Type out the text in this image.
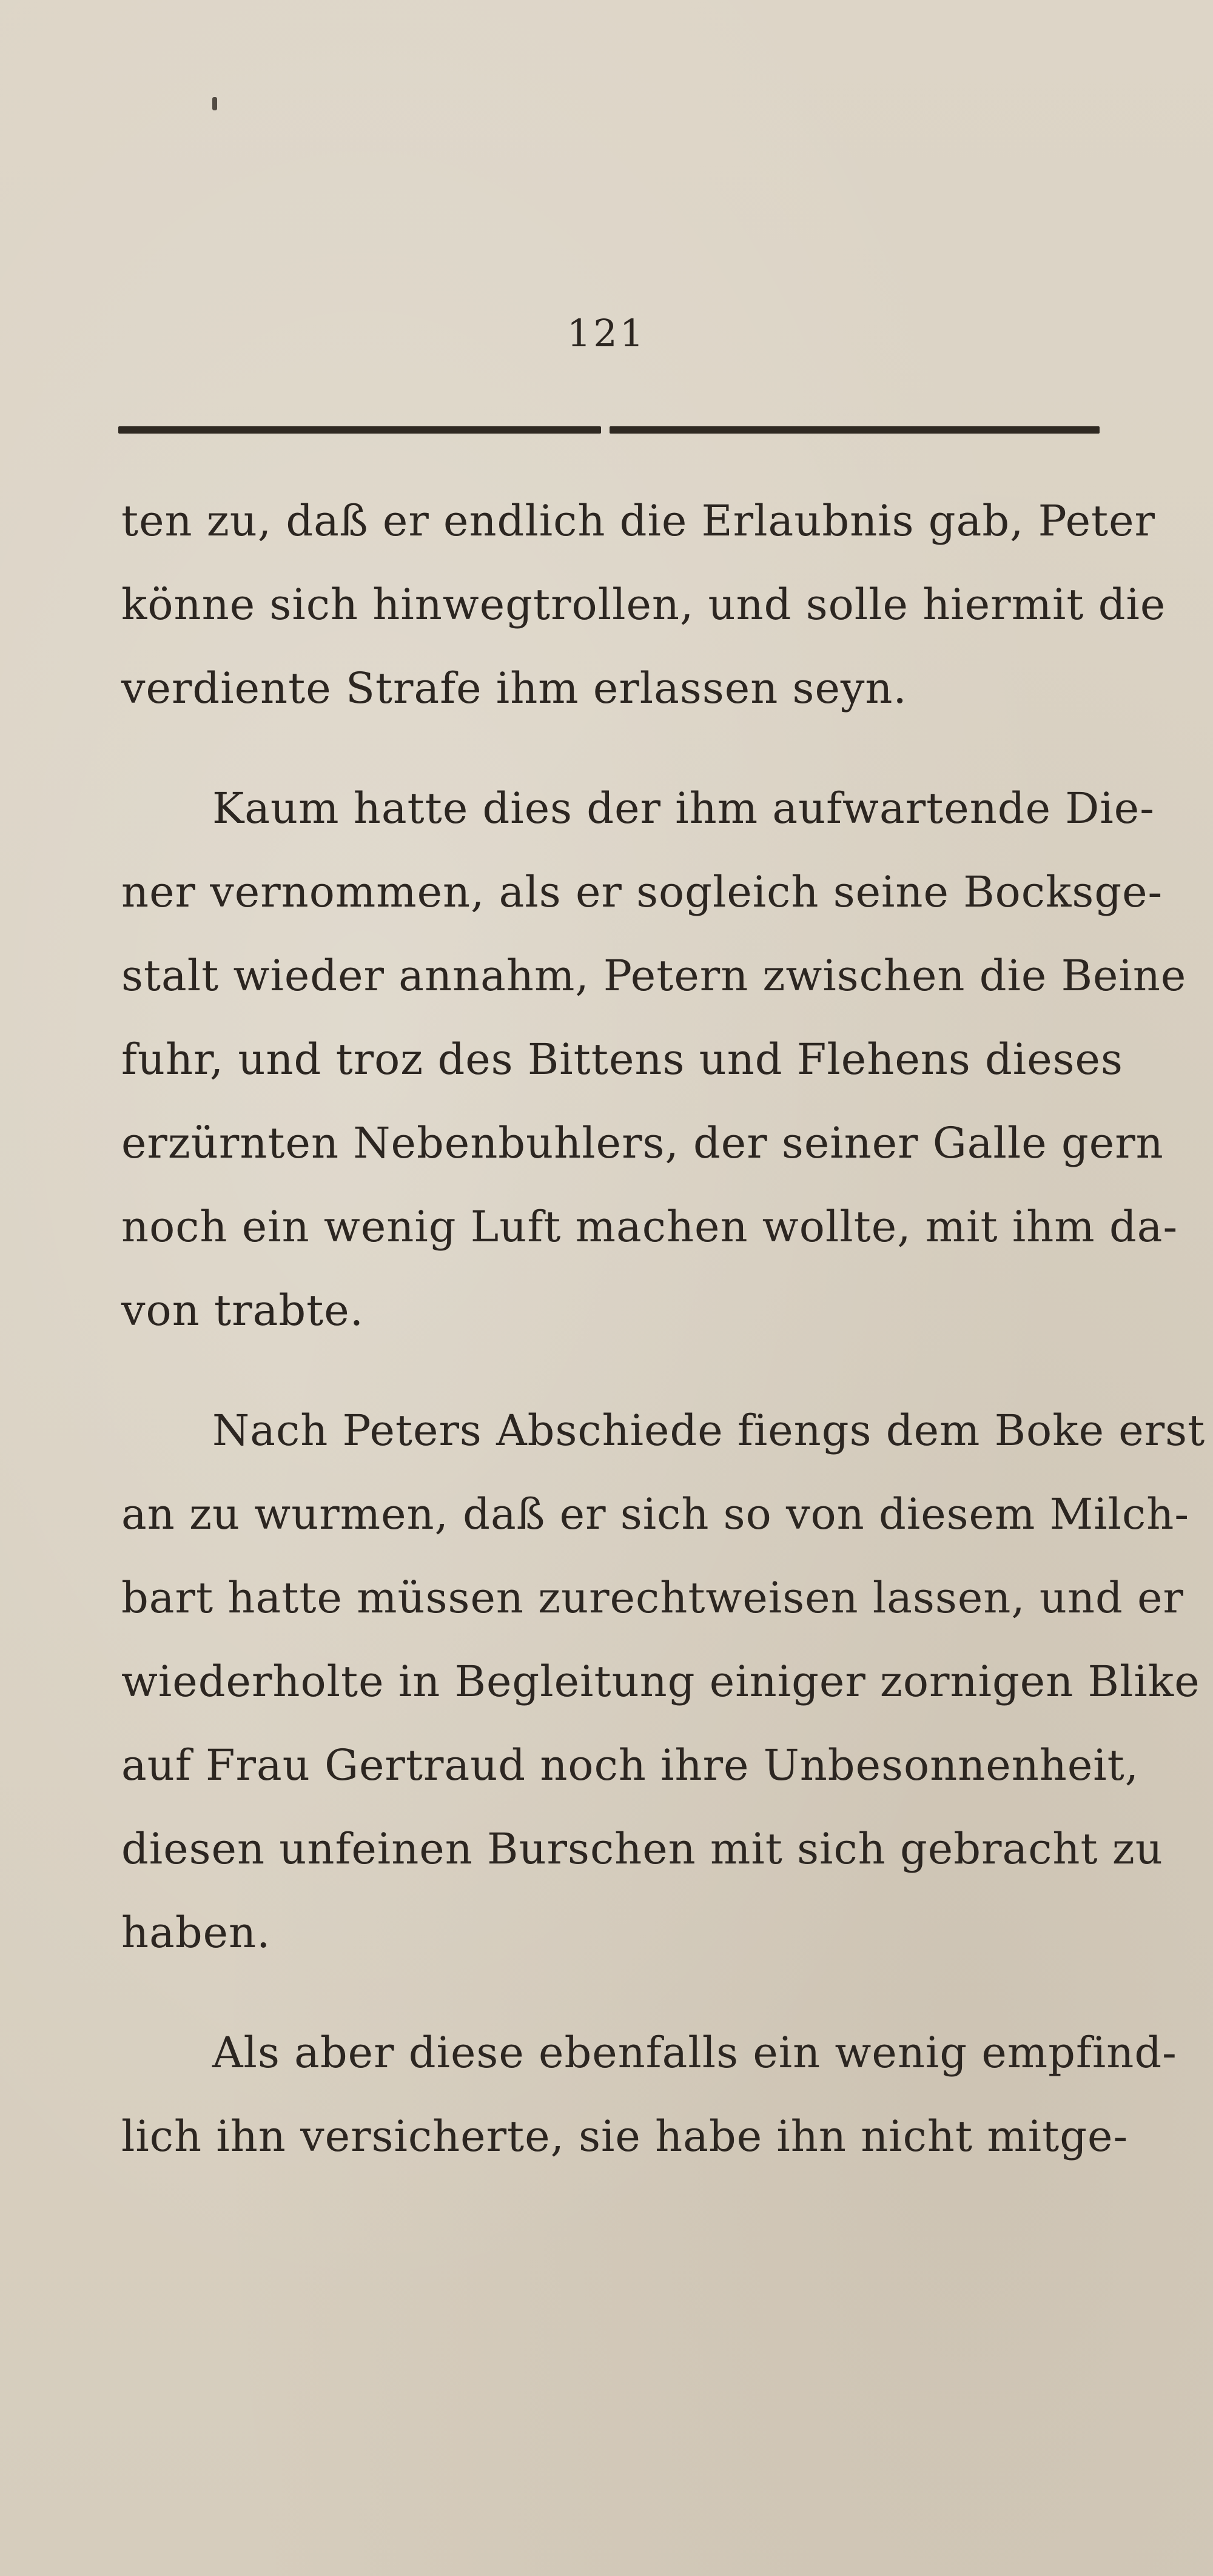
121
ten zu, daß er endlich die Erlaubnis gab, Peter
könne sich hinwegtrollen, und solle hiermit die
verdiente Strafe ihm erlassen seyn.
Kaum hatte dies der ihm aufwartende Die-
ner vernommen, als er sogleich seine Bocksge-
stalt wieder annahm, Petern zwischen die Beine
fuhr, und troz des Bittens und Flehens dieses
erzürnten Nebenbuhlers, der seiner Galle gern
noch ein wenig Luft machen wollte, mit ihm da-
von trabte.
Nach Peters Abschiede fiengs dem Boke erst
an zu wurmen, daß er sich so von diesem Milch-
bart hatte müssen zurechtweisen lassen, und er
wiederholte in Begleitung einiger zornigen Blike
auf Frau Gertraud noch ihre Unbesonnenheit,
diesen unfeinen Burschen mit sich gebracht zu
haben.
Als aber diese ebenfalls ein wenig empfind-
lich ihn versicherte, sie habe ihn nicht mitge-
